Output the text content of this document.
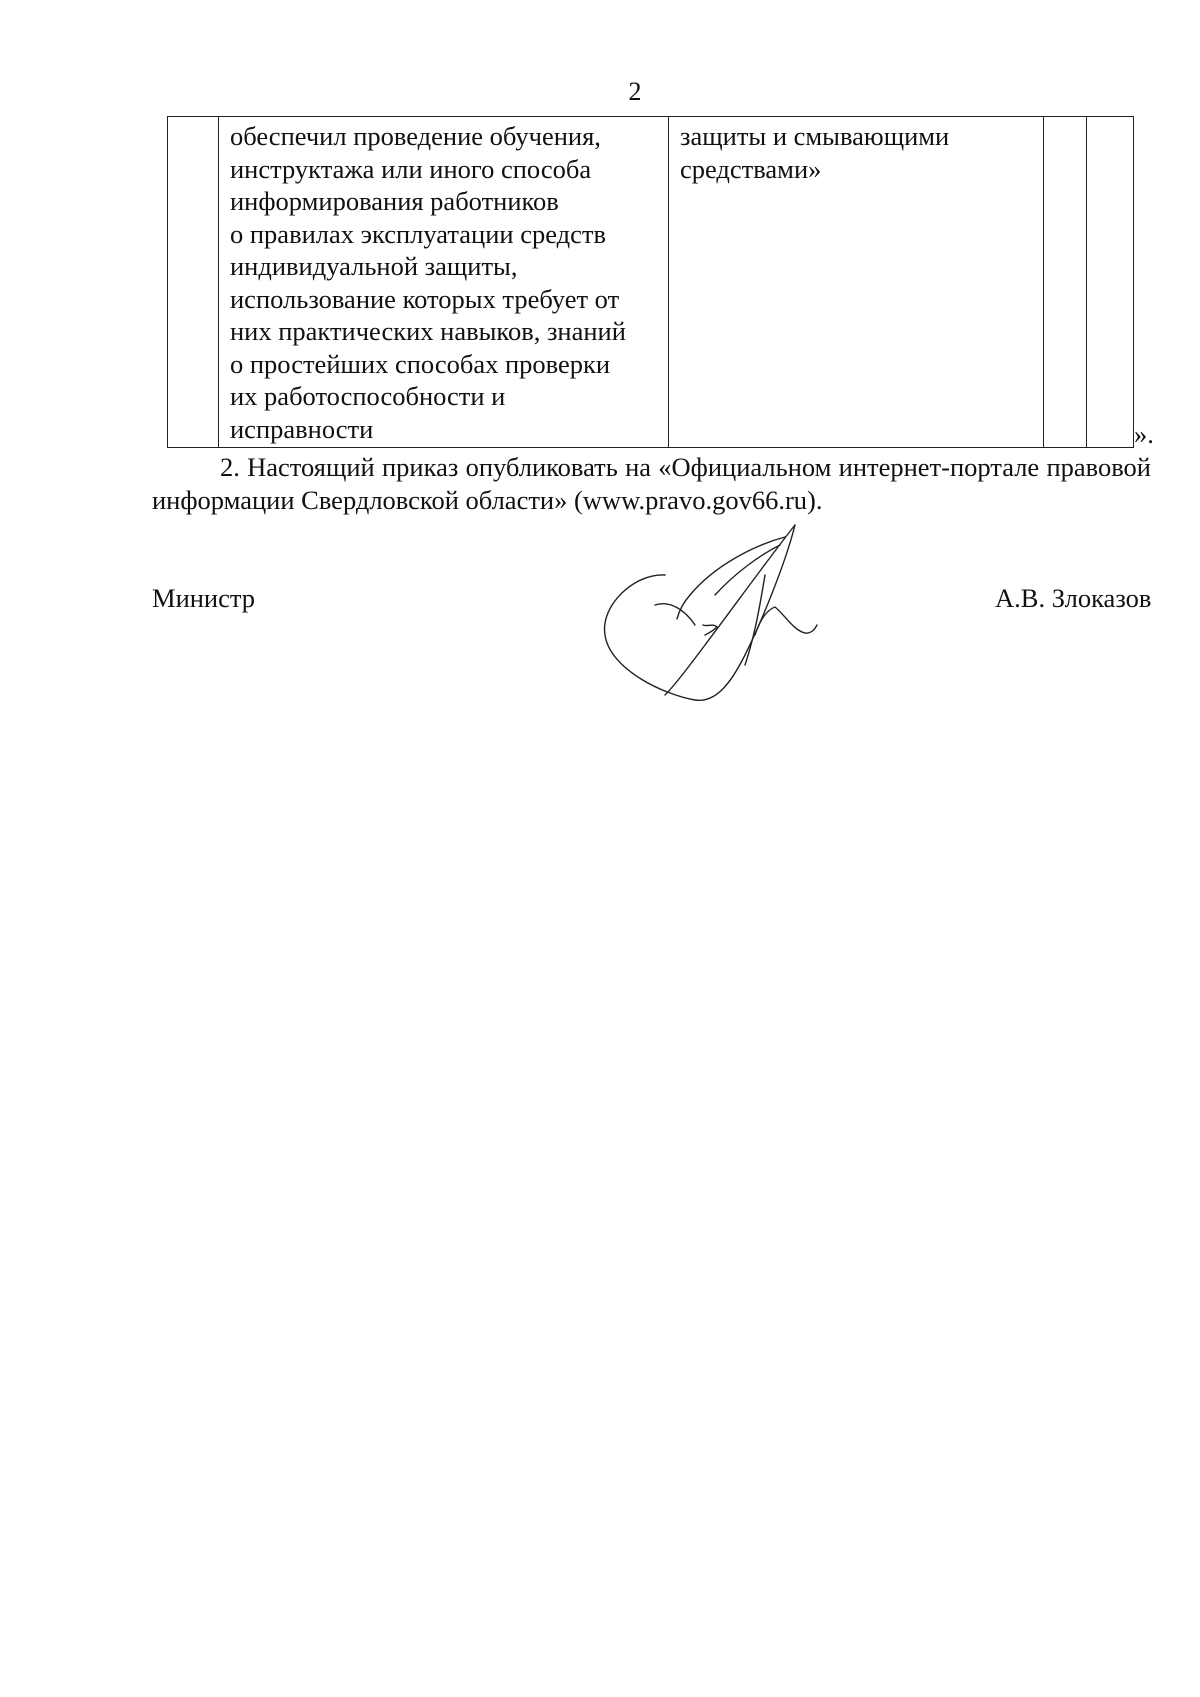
2
обеспечил проведение обучения,
инструктажа или иного способа
информирования работников
о правилах эксплуатации средств
индивидуальной защиты,
использование которых требует от
них практических навыков, знаний
о простейших способах проверки
их работоспособности и
исправности
защиты и смывающими
средствами»
».
2. Настоящий приказ опубликовать на «Официальном интернет-портале правовой информации Свердловской области» (www.pravo.gov66.ru).
Министр	А.В. Злоказов
